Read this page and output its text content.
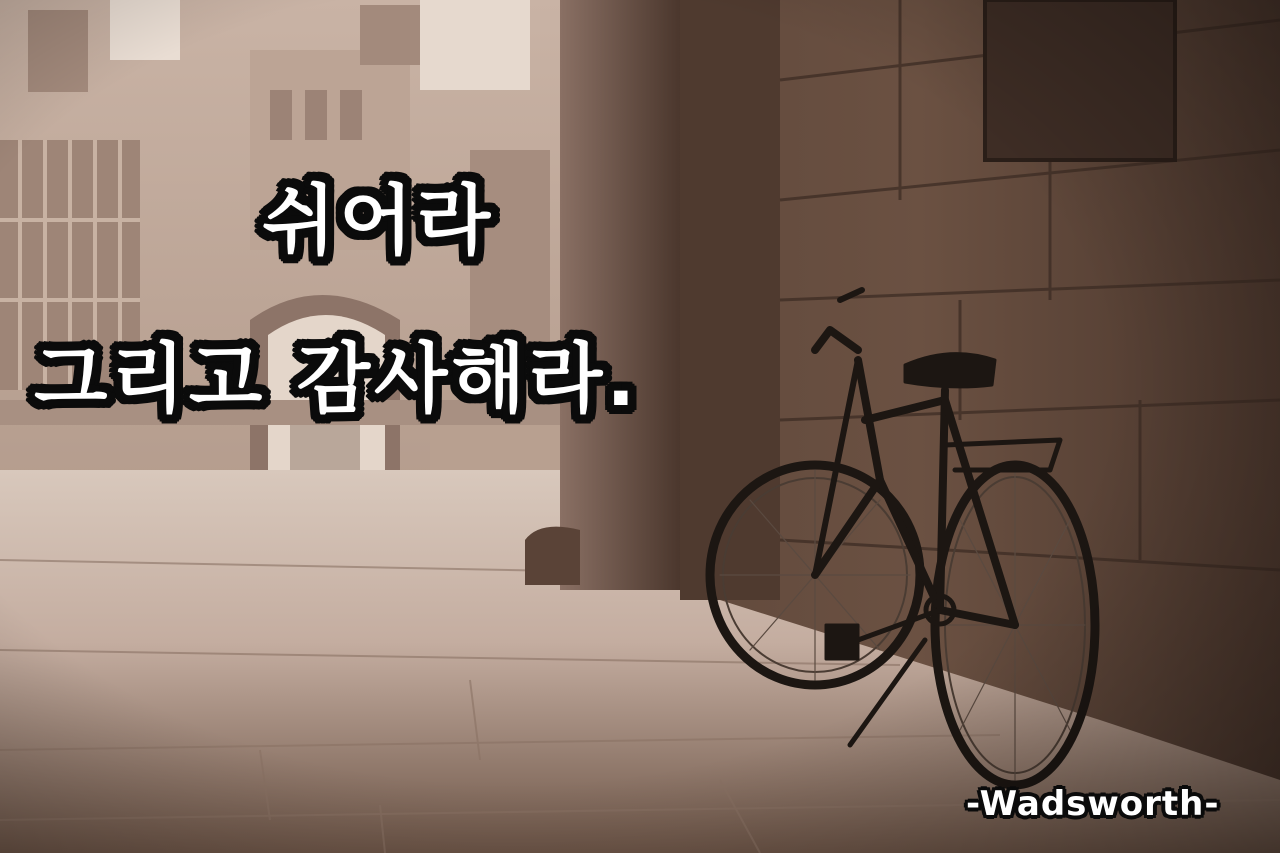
쉬어라
그리고 감사해라.
-Wadsworth-
